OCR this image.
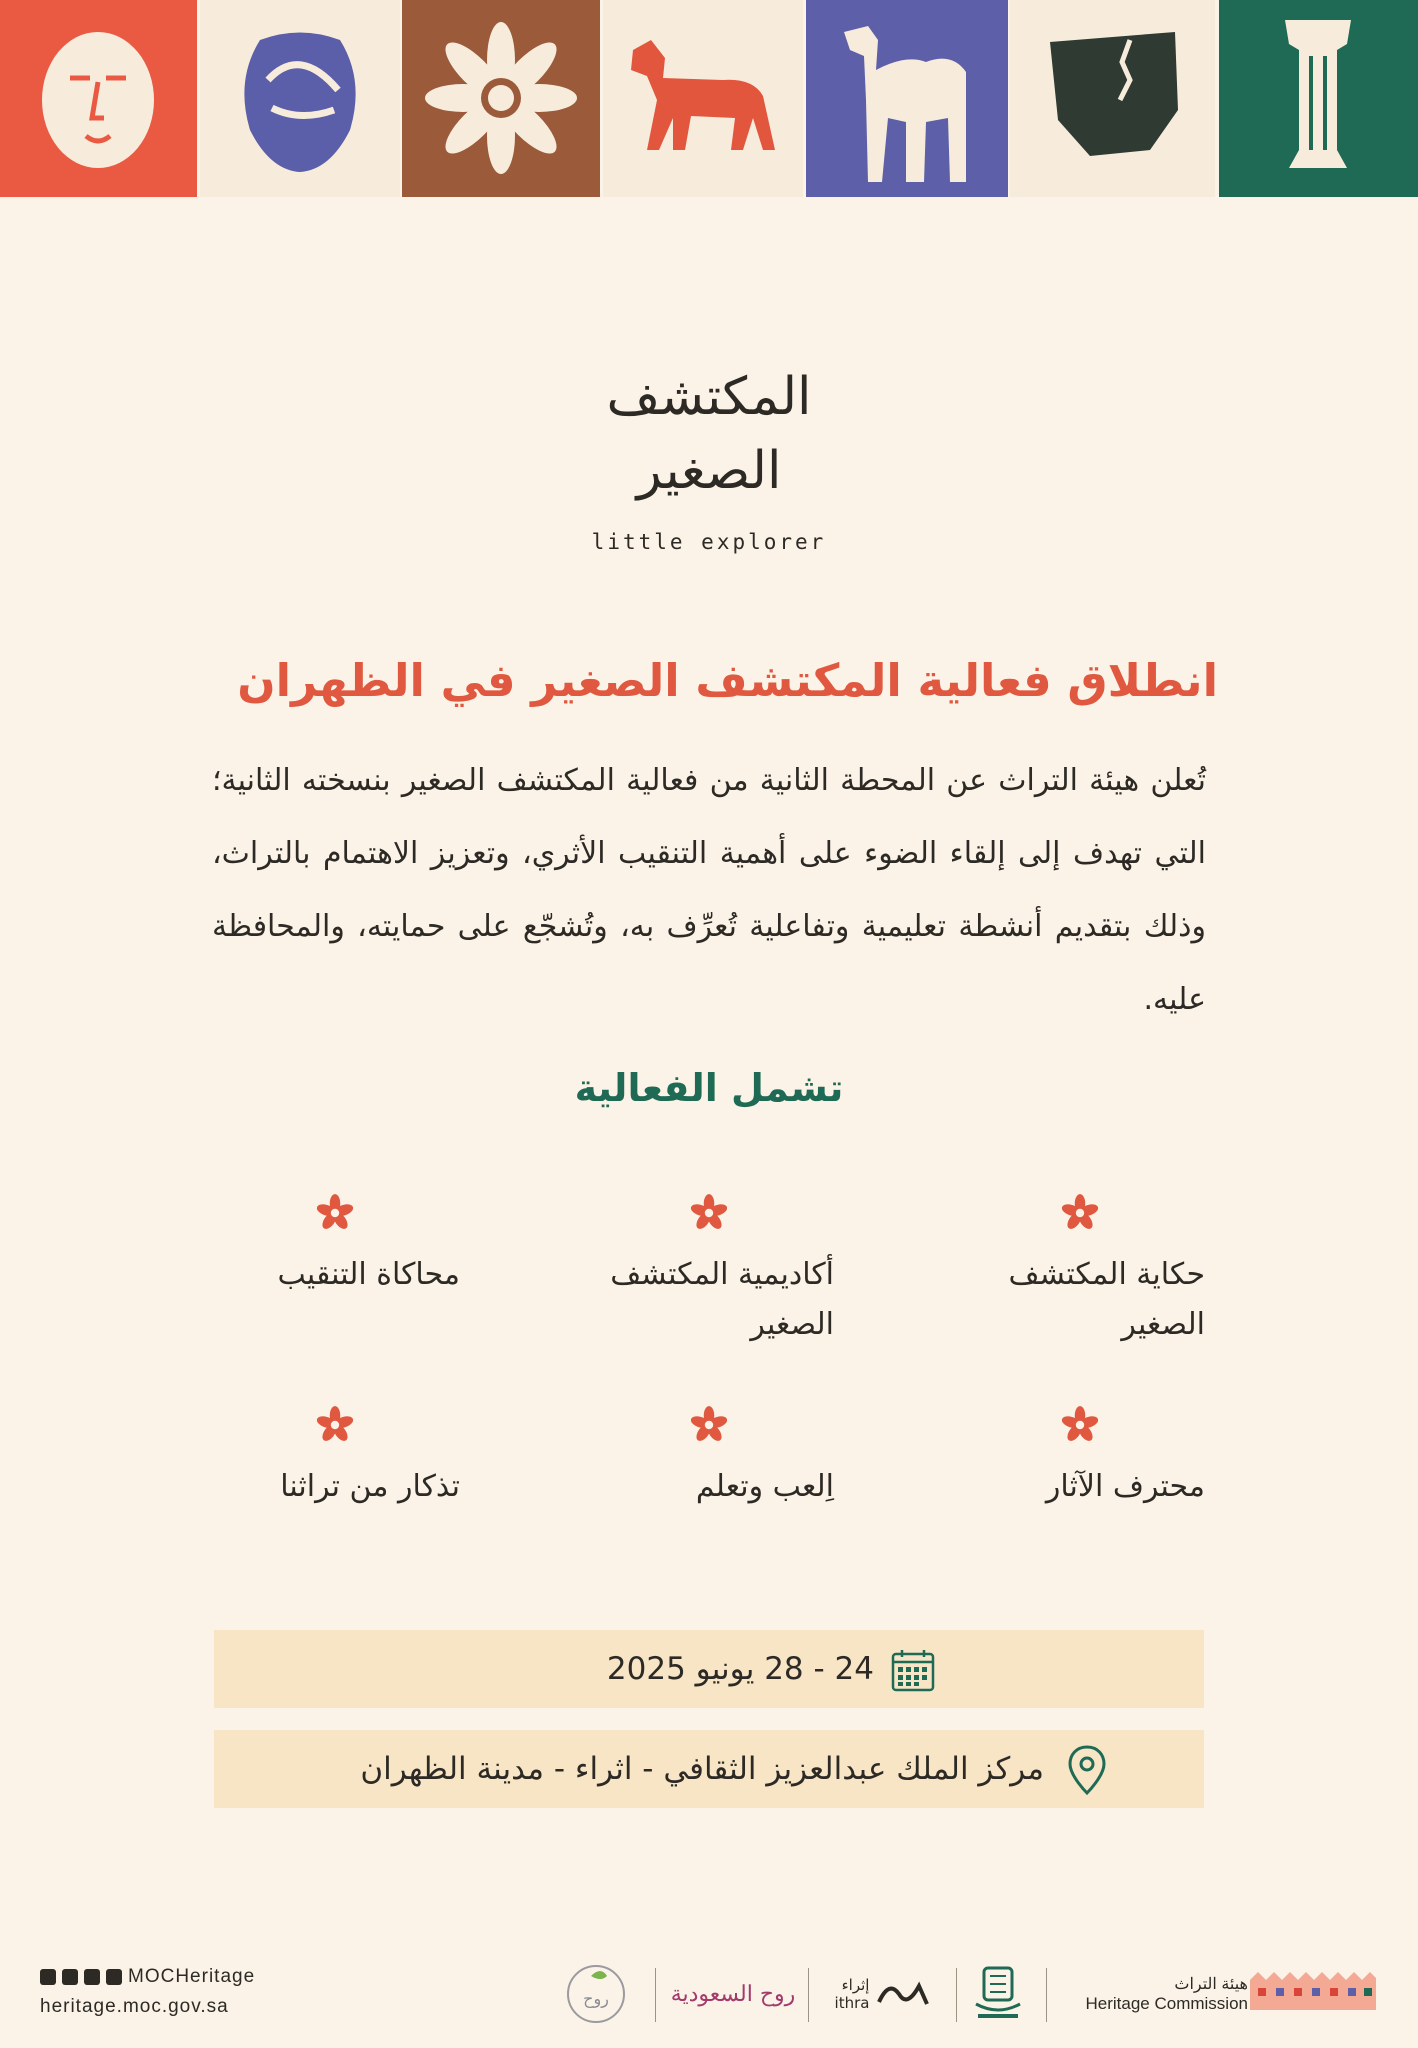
المكتشف
الصغير
little explorer
انطلاق فعالية المكتشف الصغير في الظهران
تُعلن هيئة التراث عن المحطة الثانية من فعالية المكتشف الصغير بنسخته الثانية؛ التي تهدف إلى إلقاء الضوء على أهمية التنقيب الأثري، وتعزيز الاهتمام بالتراث، وذلك بتقديم أنشطة تعليمية وتفاعلية تُعرِّف به، وتُشجّع على حمايته، والمحافظة عليه.
تشمل الفعالية
حكاية المكتشف الصغير
أكاديمية المكتشف الصغير
محاكاة التنقيب
محترف الآثار
اِلعب وتعلم
تذكار من تراثنا
24 - 28 يونيو 2025
مركز الملك عبدالعزيز الثقافي - اثراء - مدينة الظهران
MOCHeritage
heritage.moc.gov.sa	روح	روح السعودية	إثراء
ithra
هيئة التراث
Heritage Commission
